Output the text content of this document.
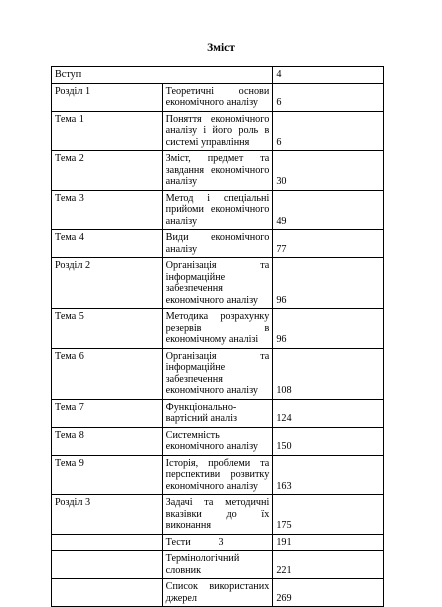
Зміст
Вступ		4
Розділ 1	Теоретичні основи економічного аналізу	6
Тема 1	Поняття економічного аналізу і його роль в системі управління	6
Тема 2	Зміст, предмет та завдання економічного аналізу	30
Тема 3	Метод і спеціальні прийоми економічного аналізу	49
Тема 4	Види економічного аналізу	77
Розділ 2	Організація та інформаційне забезпечення економічного аналізу	96
Тема 5	Методика розрахунку резервів в економічному аналізі	96
Тема 6	Організація та інформаційне забезпечення економічного аналізу	108
Тема 7	Функціонально-вартісний аналіз	124
Тема 8	Системність економічного аналізу	150
Тема 9	Історія, проблеми та перспективи розвитку економічного аналізу	163
Розділ 3	Задачі та методичні вказівки до їх виконання	175
	Тести	191
	Термінологічний словник	221
	Список використаних джерел	269
3
